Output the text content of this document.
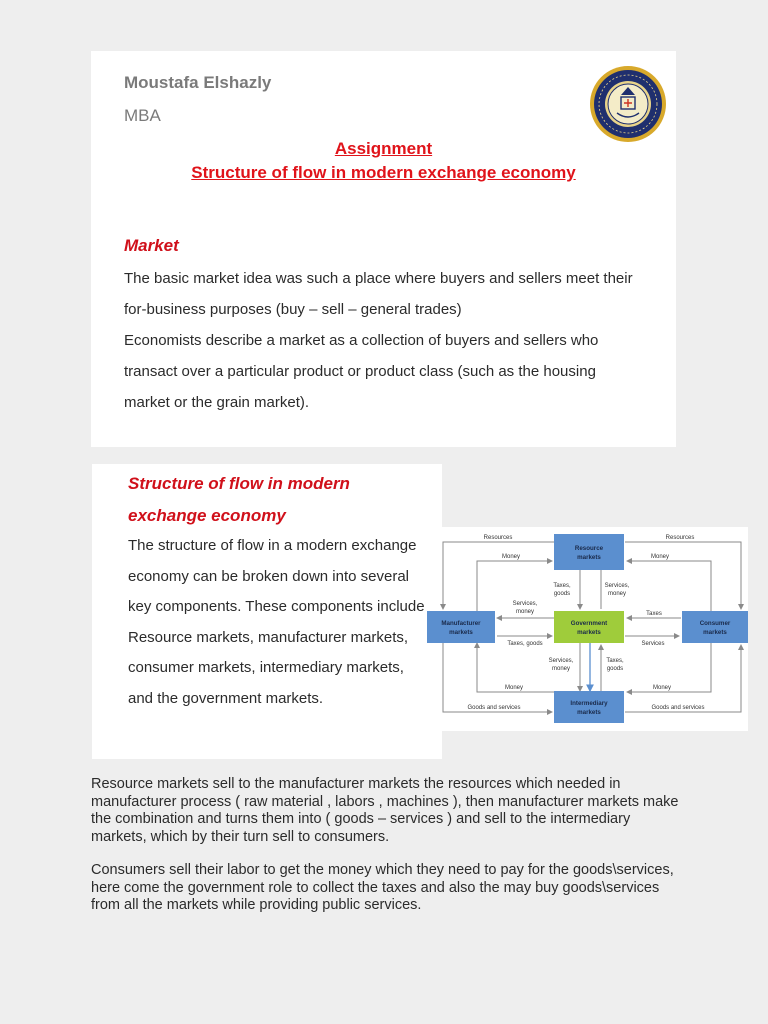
Moustafa Elshazly
MBA
Assignment
Structure of flow in modern exchange economy
Market

The basic market idea was such a place where buyers and sellers meet their for-business purposes (buy – sell – general trades)

Economists describe a market as a collection of buyers and sellers who transact over a particular product or product class (such as the housing market or the grain market).

Structure of flow in modern exchange economy
The structure of flow in a modern exchange economy can be broken down into several key components. These components include Resource markets, manufacturer markets, consumer markets, intermediary markets, and the government markets.
Resource
markets
Manufacturer
markets
Government
markets
Consumer
markets
Intermediary
markets
Resources	Resources
Money	Money
Taxes,
goods
Services,
money
Services,
money
Taxes, goods
Taxes
Services
Services,
money
Taxes,
goods
Money	Money
Goods and services	Goods and services
Resource markets sell to the manufacturer markets the resources which needed in manufacturer process ( raw material , labors , machines ), then manufacturer markets make the combination and turns them into ( goods – services ) and sell to the intermediary markets, which by their turn sell to consumers.
Consumers sell their labor to get the money which they need to pay for the goods\services, here come the government role to collect the taxes and also the may buy goods\services from all the markets while providing public services.
